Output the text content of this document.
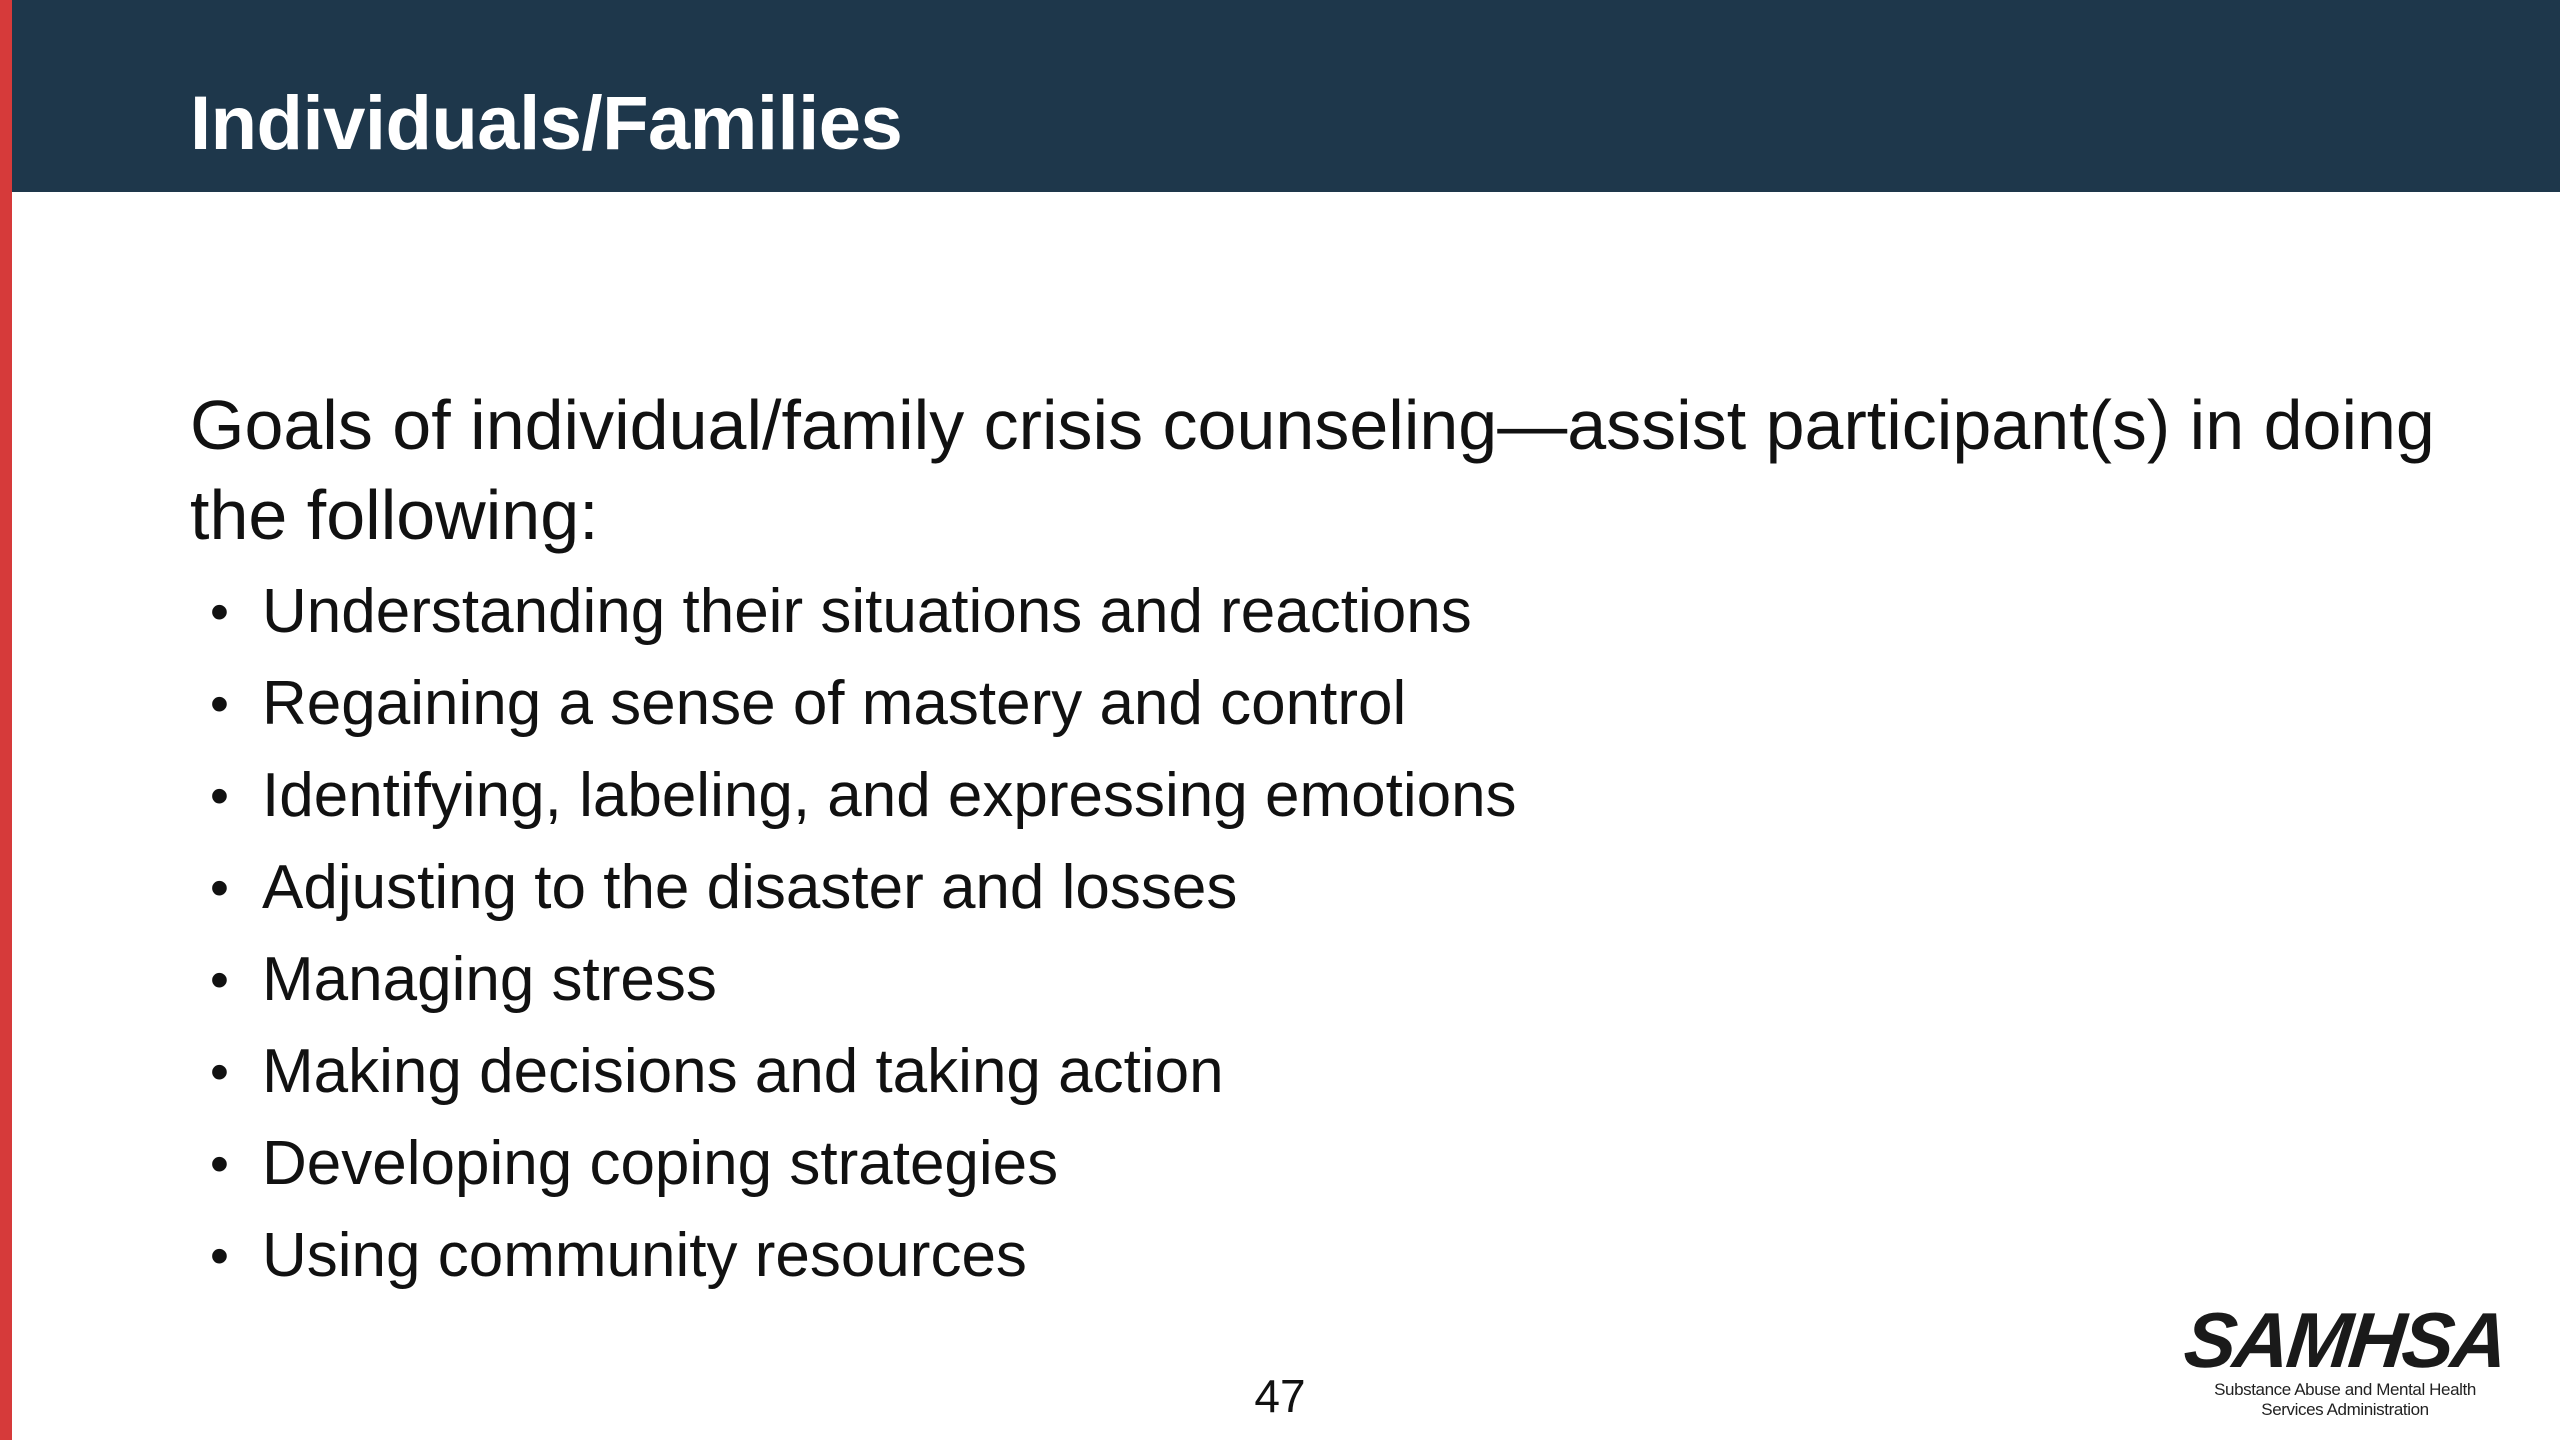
Individuals/Families

Goals of individual/family crisis counseling—assist participant(s) in doing the following:

• Understanding their situations and reactions
• Regaining a sense of mastery and control
• Identifying, labeling, and expressing emotions
• Adjusting to the disaster and losses
• Managing stress
• Making decisions and taking action
• Developing coping strategies
• Using community resources
47
SAMHSA
Substance Abuse and Mental Health
Services Administration
